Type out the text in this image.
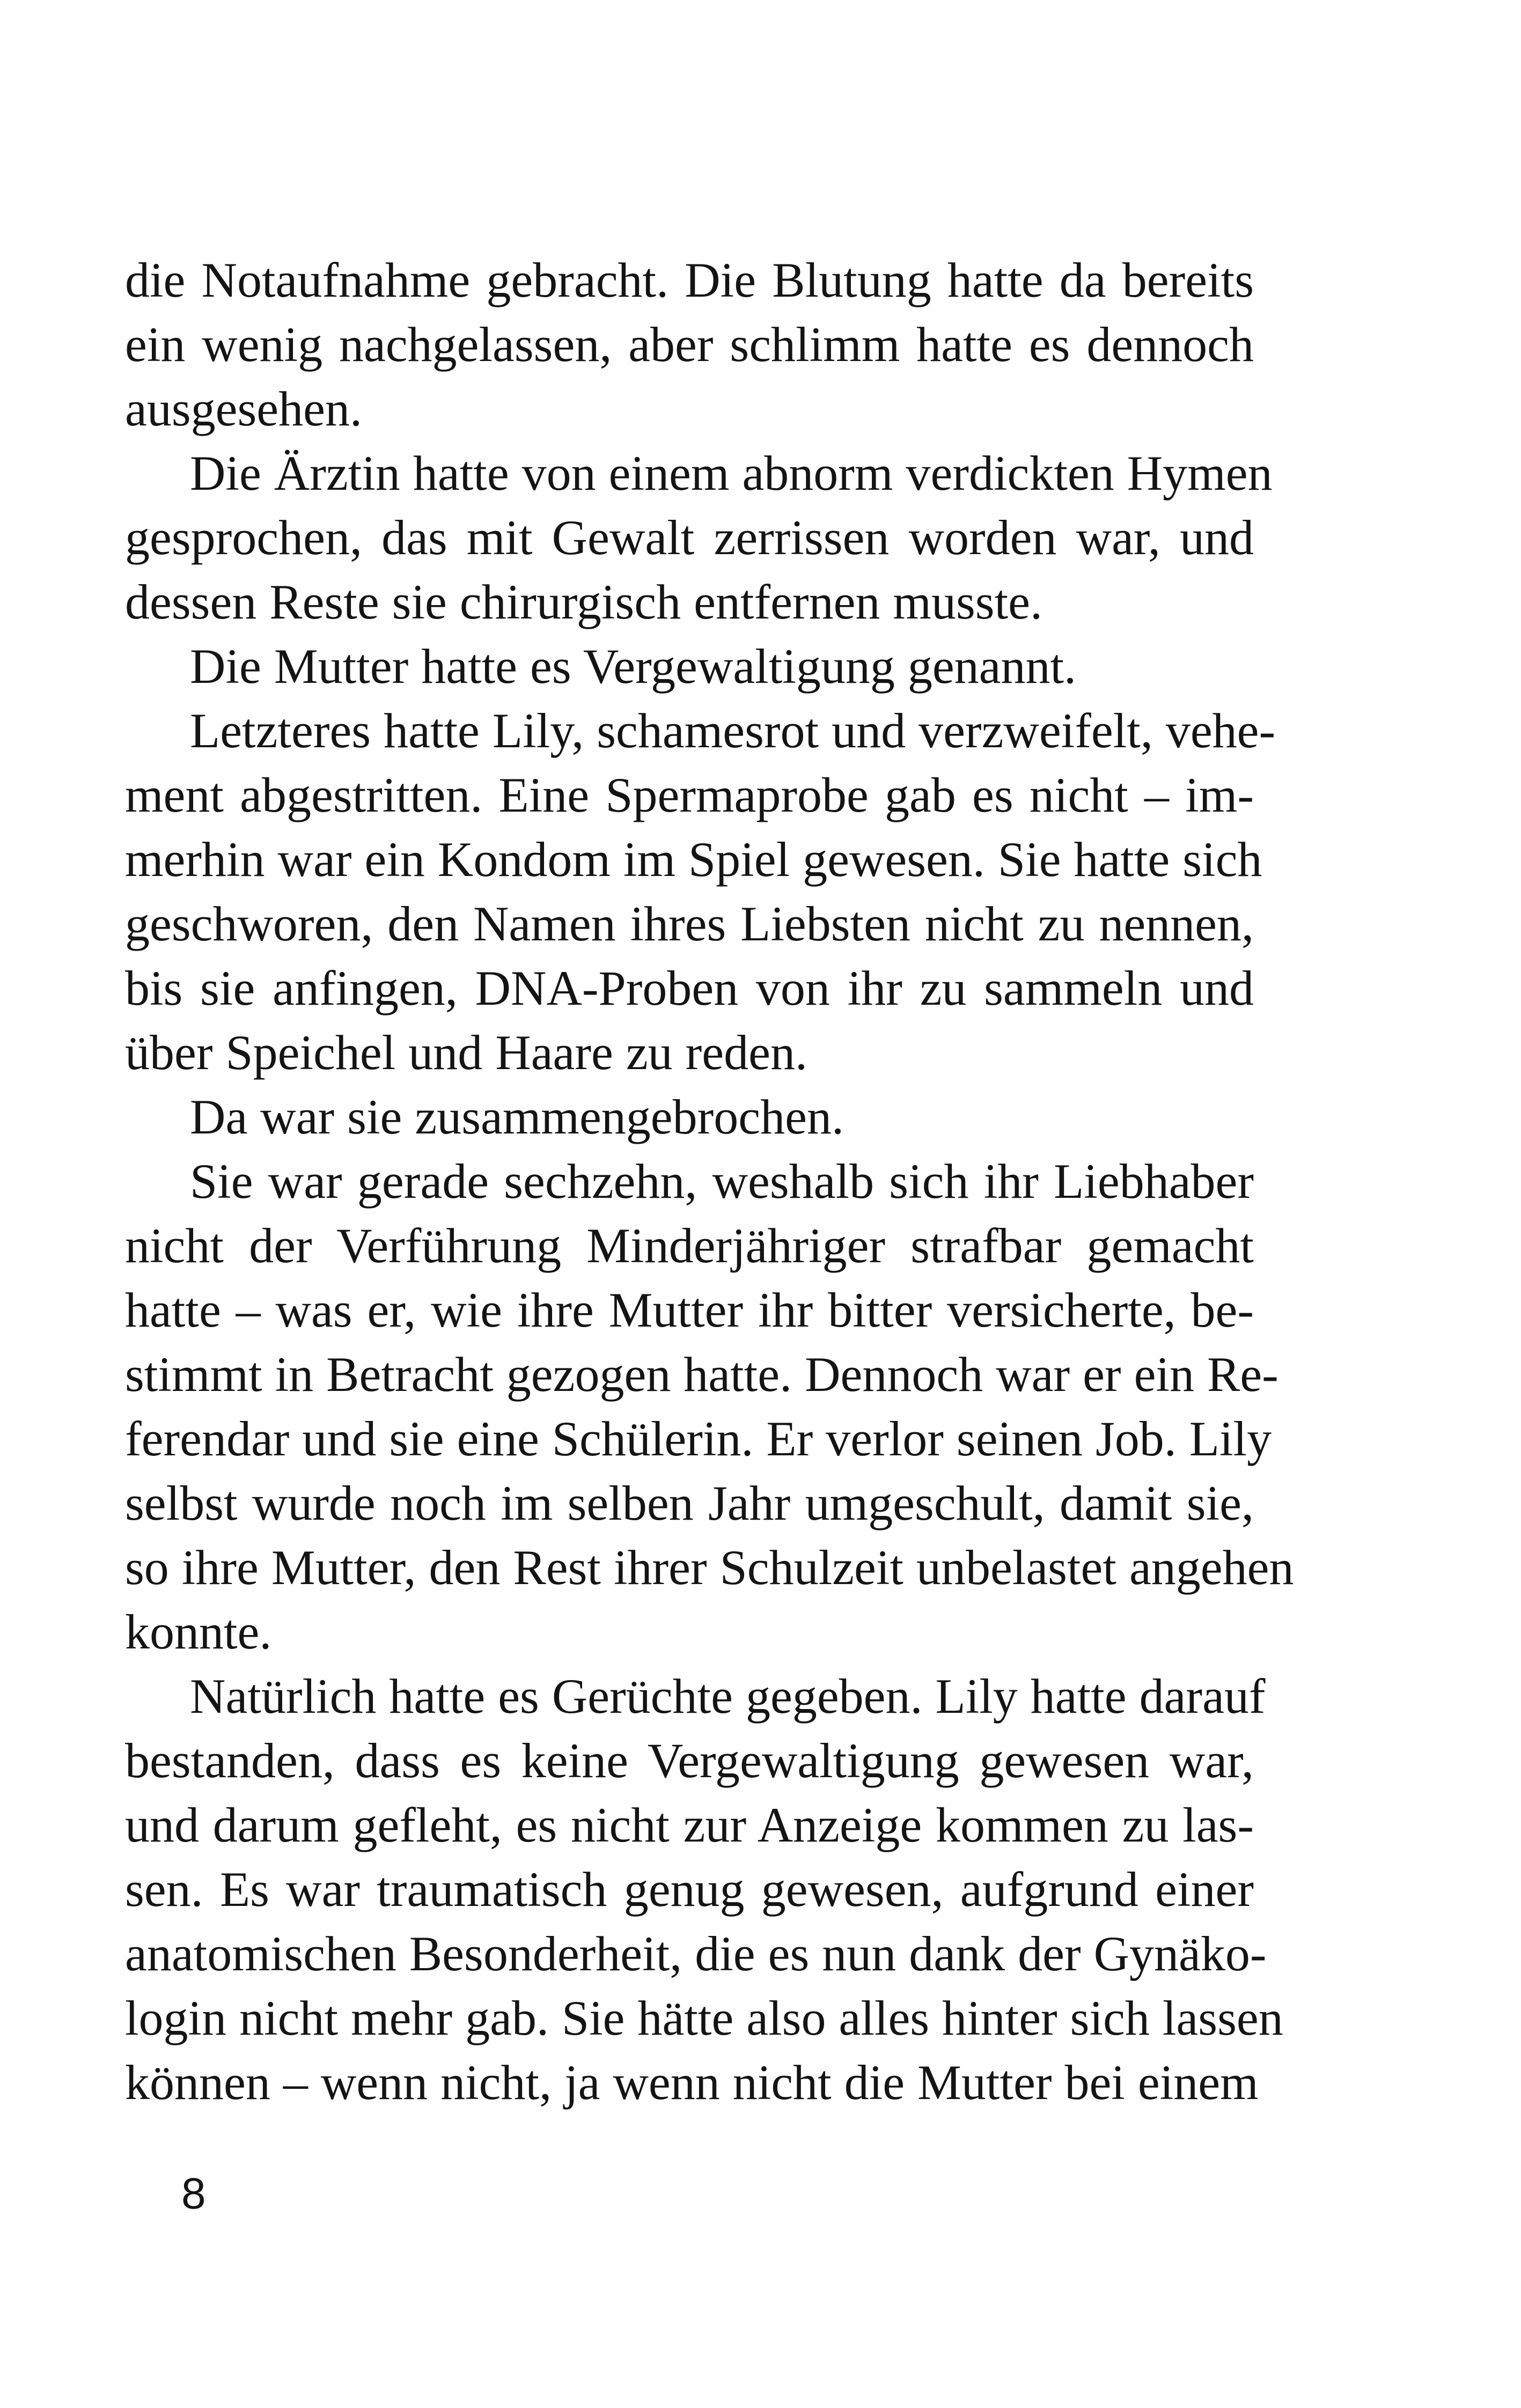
die Notaufnahme gebracht. Die Blutung hatte da bereits
ein wenig nachgelassen, aber schlimm hatte es dennoch
ausgesehen.
Die Ärztin hatte von einem abnorm verdickten Hymen
gesprochen, das mit Gewalt zerrissen worden war, und
dessen Reste sie chirurgisch entfernen musste.
Die Mutter hatte es Vergewaltigung genannt.
Letzteres hatte Lily, schamesrot und verzweifelt, vehe-
ment abgestritten. Eine Spermaprobe gab es nicht – im-
merhin war ein Kondom im Spiel gewesen. Sie hatte sich
geschworen, den Namen ihres Liebsten nicht zu nennen,
bis sie anfingen, DNA-Proben von ihr zu sammeln und
über Speichel und Haare zu reden.
Da war sie zusammengebrochen.
Sie war gerade sechzehn, weshalb sich ihr Liebhaber
nicht der Verführung Minderjähriger strafbar gemacht
hatte – was er, wie ihre Mutter ihr bitter versicherte, be-
stimmt in Betracht gezogen hatte. Dennoch war er ein Re-
ferendar und sie eine Schülerin. Er verlor seinen Job. Lily
selbst wurde noch im selben Jahr umgeschult, damit sie,
so ihre Mutter, den Rest ihrer Schulzeit unbelastet angehen
konnte.
Natürlich hatte es Gerüchte gegeben. Lily hatte darauf
bestanden, dass es keine Vergewaltigung gewesen war,
und darum gefleht, es nicht zur Anzeige kommen zu las-
sen. Es war traumatisch genug gewesen, aufgrund einer
anatomischen Besonderheit, die es nun dank der Gynäko-
login nicht mehr gab. Sie hätte also alles hinter sich lassen
können – wenn nicht, ja wenn nicht die Mutter bei einem
8
